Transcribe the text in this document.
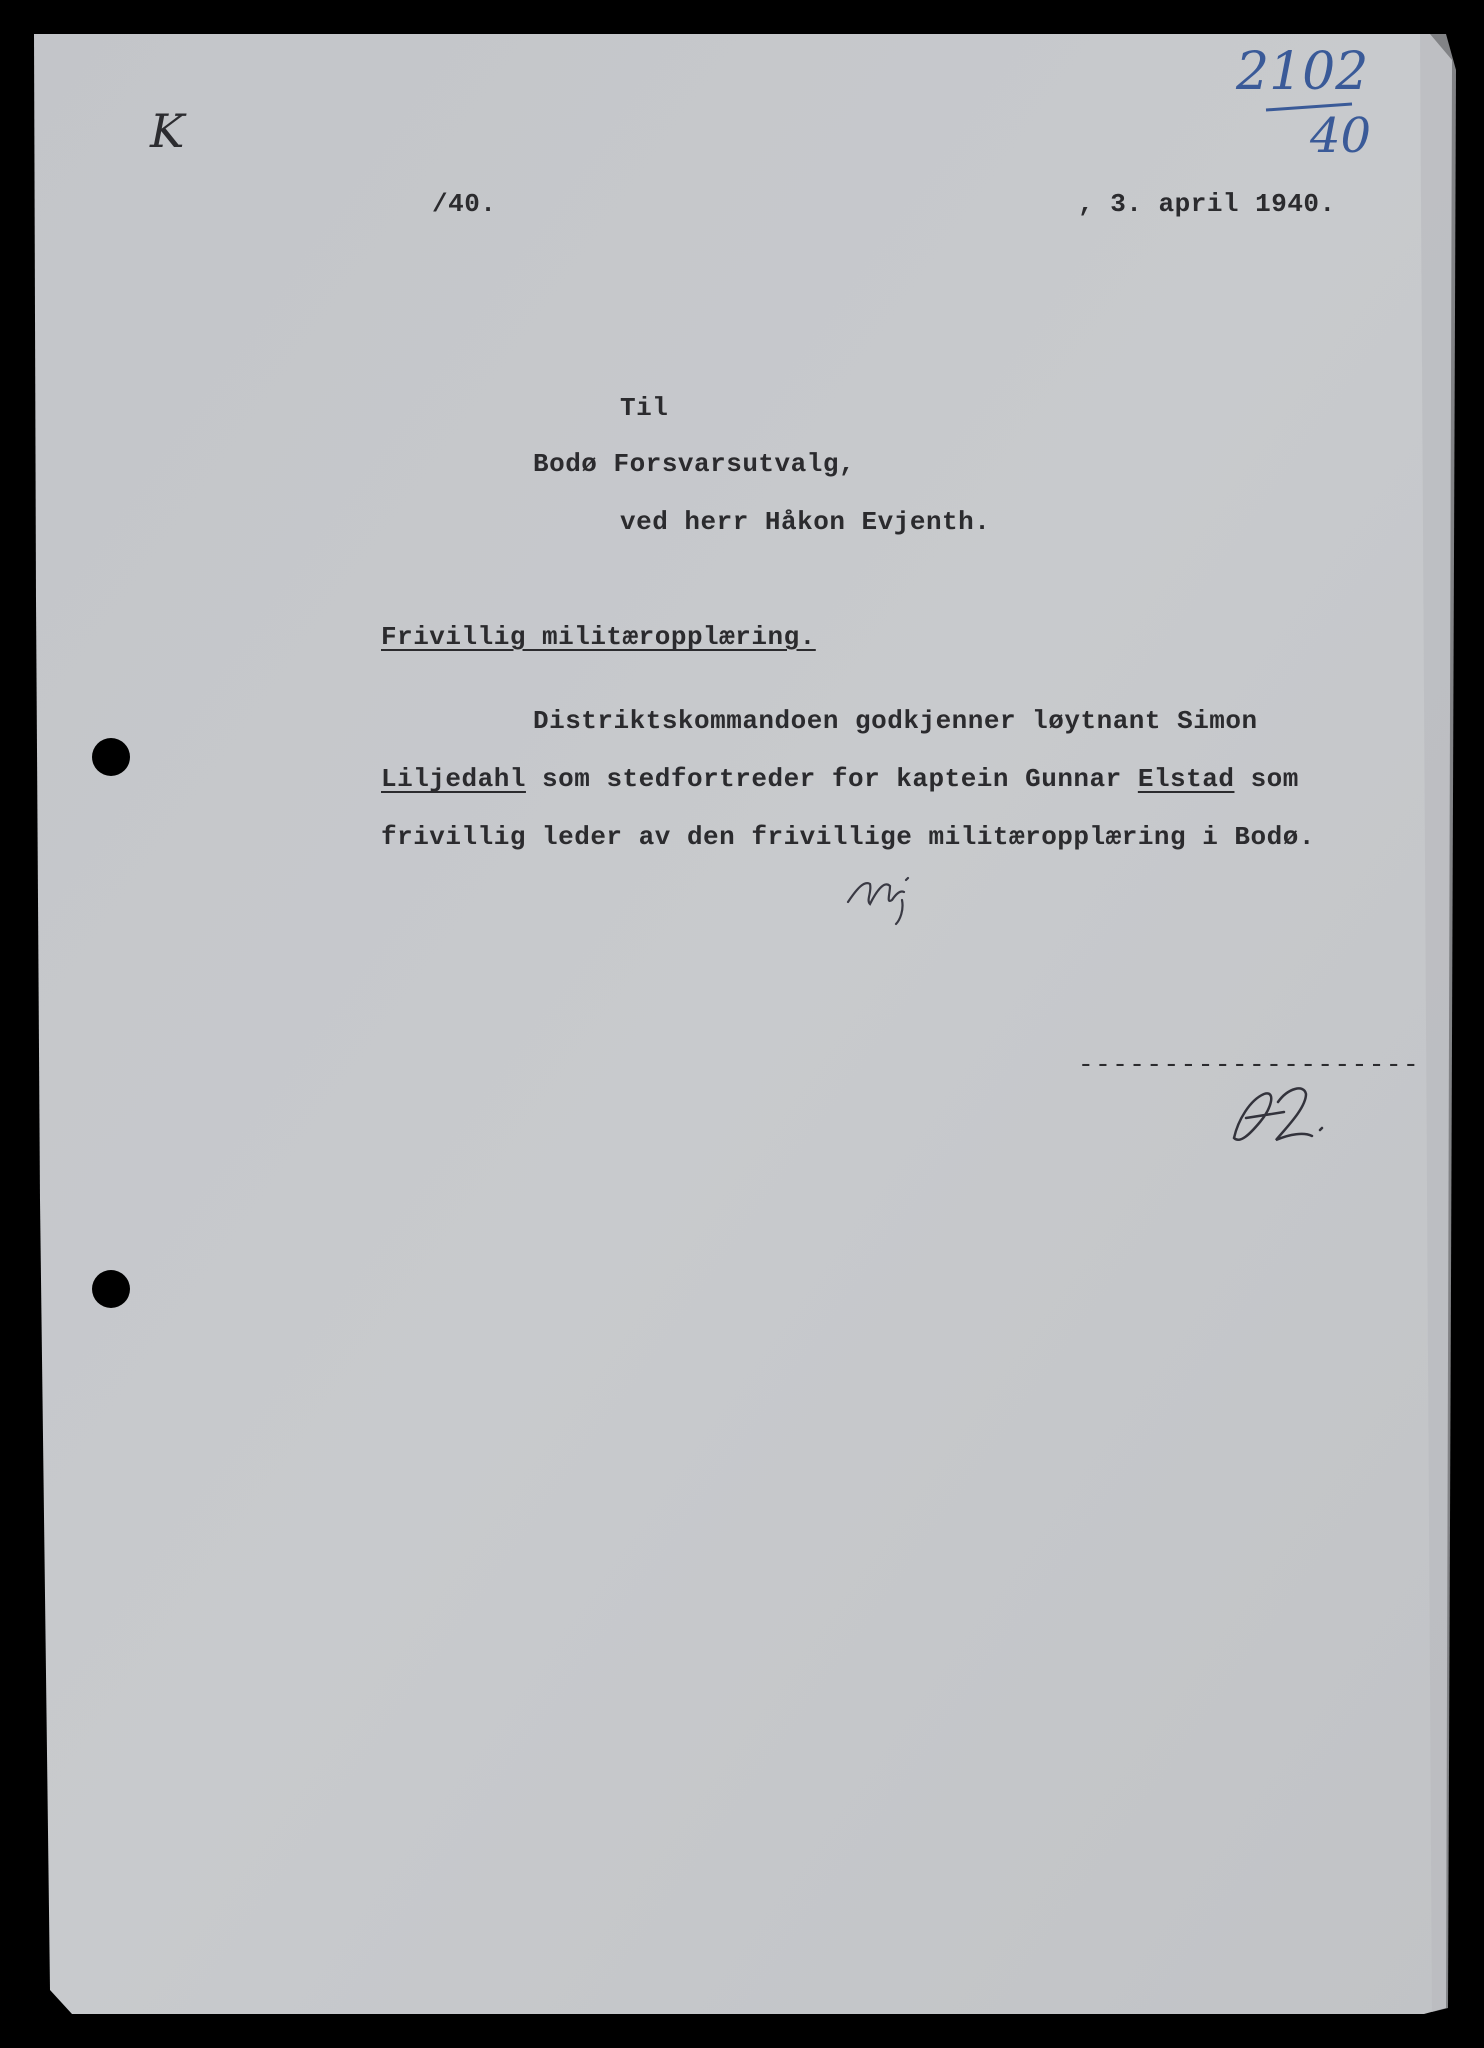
2102
40
K
/40.	, 3. april 1940.
Til
Bodø Forsvarsutvalg,
ved herr Håkon Evjenth.
Frivillig militæropplæring.
Distriktskommandoen godkjenner løytnant Simon
Liljedahl som stedfortreder for kaptein Gunnar Elstad som
frivillig leder av den frivillige militæropplæring i Bodø.
--------------------
